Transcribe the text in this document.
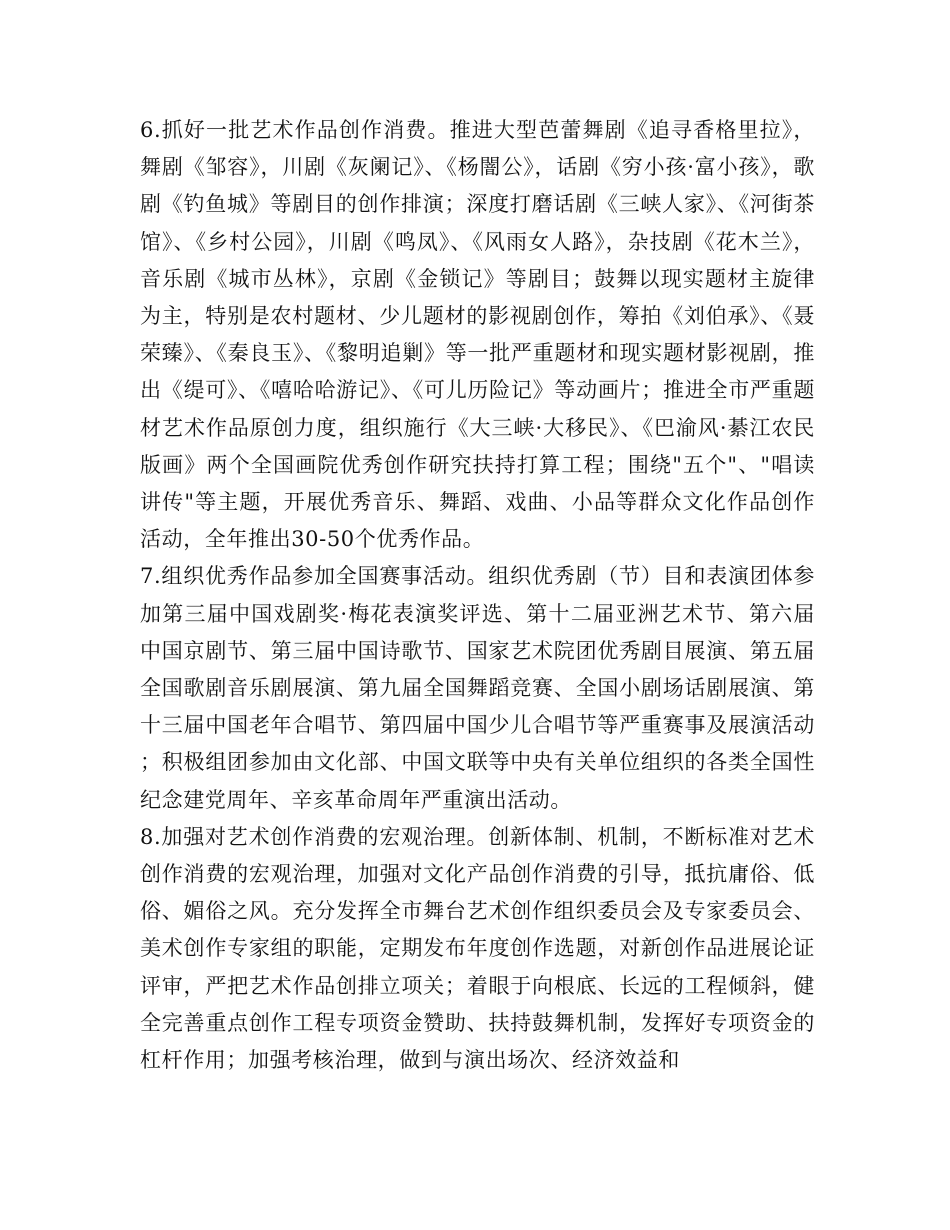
6.抓好一批艺术作品创作消费。推进大型芭蕾舞剧《追寻香格里拉》，舞剧《邹容》，川剧《灰阑记》、《杨闇公》，话剧《穷小孩·富小孩》，歌剧《钓鱼城》等剧目的创作排演；深度打磨话剧《三峡人家》、《河街茶馆》、《乡村公园》，川剧《鸣凤》、《风雨女人路》，杂技剧《花木兰》，音乐剧《城市丛林》，京剧《金锁记》等剧目；鼓舞以现实题材主旋律为主，特别是农村题材、少儿题材的影视剧创作，筹拍《刘伯承》、《聂荣臻》、《秦良玉》、《黎明追剿》等一批严重题材和现实题材影视剧，推出《缇可》、《嘻哈哈游记》、《可儿历险记》等动画片；推进全市严重题材艺术作品原创力度，组织施行《大三峡·大移民》、《巴渝风·綦江农民版画》两个全国画院优秀创作研究扶持打算工程；围绕"五个"、"唱读讲传"等主题，开展优秀音乐、舞蹈、戏曲、小品等群众文化作品创作活动，全年推出30-50个优秀作品。

7.组织优秀作品参加全国赛事活动。组织优秀剧（节）目和表演团体参加第三届中国戏剧奖·梅花表演奖评选、第十二届亚洲艺术节、第六届中国京剧节、第三届中国诗歌节、国家艺术院团优秀剧目展演、第五届全国歌剧音乐剧展演、第九届全国舞蹈竞赛、全国小剧场话剧展演、第十三届中国老年合唱节、第四届中国少儿合唱节等严重赛事及展演活动；积极组团参加由文化部、中国文联等中央有关单位组织的各类全国性纪念建党周年、辛亥革命周年严重演出活动。

8.加强对艺术创作消费的宏观治理。创新体制、机制，不断标准对艺术创作消费的宏观治理，加强对文化产品创作消费的引导，抵抗庸俗、低俗、媚俗之风。充分发挥全市舞台艺术创作组织委员会及专家委员会、美术创作专家组的职能，定期发布年度创作选题，对新创作品进展论证评审，严把艺术作品创排立项关；着眼于向根底、长远的工程倾斜，健全完善重点创作工程专项资金赞助、扶持鼓舞机制，发挥好专项资金的杠杆作用；加强考核治理，做到与演出场次、经济效益和
